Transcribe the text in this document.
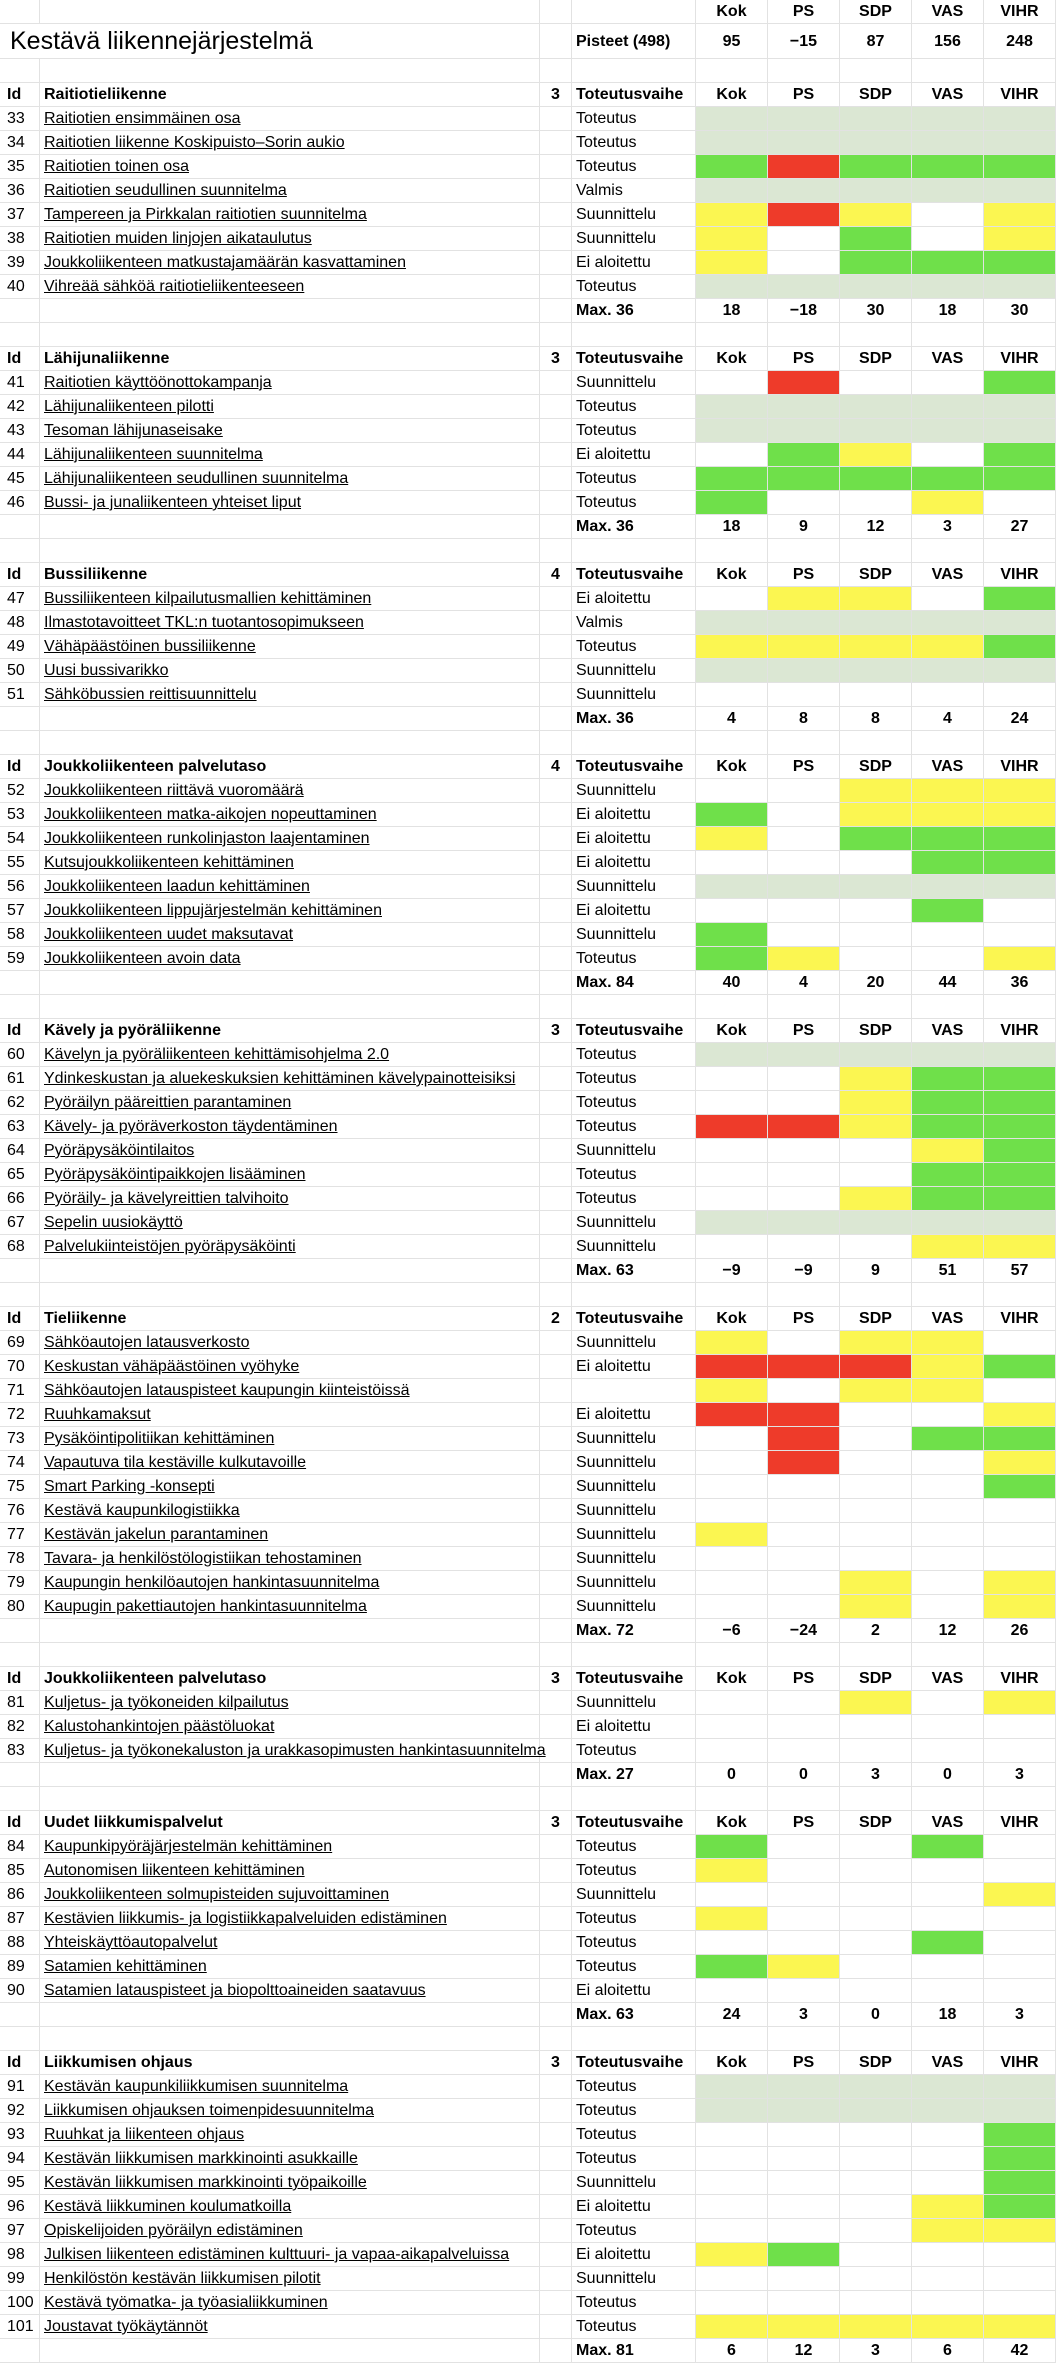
Kok	PS	SDP	VAS	VIHR
Kestävä liikennejärjestelmä	Pisteet (498)	95	−15	87	156	248
Id	Raitiotieliikenne	3	Toteutusvaihe	Kok	PS	SDP	VAS	VIHR
33	Raitiotien ensimmäinen osa	Toteutus
34	Raitiotien liikenne Koskipuisto–Sorin aukio	Toteutus
35	Raitiotien toinen osa	Toteutus
36	Raitiotien seudullinen suunnitelma	Valmis
37	Tampereen ja Pirkkalan raitiotien suunnitelma	Suunnittelu
38	Raitiotien muiden linjojen aikataulutus	Suunnittelu
39	Joukkoliikenteen matkustajamäärän kasvattaminen	Ei aloitettu
40	Vihreää sähköä raitiotieliikenteeseen	Toteutus
Max. 36	18	−18	30	18	30
Id	Lähijunaliikenne	3	Toteutusvaihe	Kok	PS	SDP	VAS	VIHR
41	Raitiotien käyttöönottokampanja	Suunnittelu
42	Lähijunaliikenteen pilotti	Toteutus
43	Tesoman lähijunaseisake	Toteutus
44	Lähijunaliikenteen suunnitelma	Ei aloitettu
45	Lähijunaliikenteen seudullinen suunnitelma	Toteutus
46	Bussi- ja junaliikenteen yhteiset liput	Toteutus
Max. 36	18	9	12	3	27
Id	Bussiliikenne	4	Toteutusvaihe	Kok	PS	SDP	VAS	VIHR
47	Bussiliikenteen kilpailutusmallien kehittäminen	Ei aloitettu
48	Ilmastotavoitteet TKL:n tuotantosopimukseen	Valmis
49	Vähäpäästöinen bussiliikenne	Toteutus
50	Uusi bussivarikko	Suunnittelu
51	Sähköbussien reittisuunnittelu	Suunnittelu
Max. 36	4	8	8	4	24
Id	Joukkoliikenteen palvelutaso	4	Toteutusvaihe	Kok	PS	SDP	VAS	VIHR
52	Joukkoliikenteen riittävä vuoromäärä	Suunnittelu
53	Joukkoliikenteen matka-aikojen nopeuttaminen	Ei aloitettu
54	Joukkoliikenteen runkolinjaston laajentaminen	Ei aloitettu
55	Kutsujoukkoliikenteen kehittäminen	Ei aloitettu
56	Joukkoliikenteen laadun kehittäminen	Suunnittelu
57	Joukkoliikenteen lippujärjestelmän kehittäminen	Ei aloitettu
58	Joukkoliikenteen uudet maksutavat	Suunnittelu
59	Joukkoliikenteen avoin data	Toteutus
Max. 84	40	4	20	44	36
Id	Kävely ja pyöräliikenne	3	Toteutusvaihe	Kok	PS	SDP	VAS	VIHR
60	Kävelyn ja pyöräliikenteen kehittämisohjelma 2.0	Toteutus
61	Ydinkeskustan ja aluekeskuksien kehittäminen kävelypainotteisiksi	Toteutus
62	Pyöräilyn pääreittien parantaminen	Toteutus
63	Kävely- ja pyöräverkoston täydentäminen	Toteutus
64	Pyöräpysäköintilaitos	Suunnittelu
65	Pyöräpysäköintipaikkojen lisääminen	Toteutus
66	Pyöräily- ja kävelyreittien talvihoito	Toteutus
67	Sepelin uusiokäyttö	Suunnittelu
68	Palvelukiinteistöjen pyöräpysäköinti	Suunnittelu
Max. 63	−9	−9	9	51	57
Id	Tieliikenne	2	Toteutusvaihe	Kok	PS	SDP	VAS	VIHR
69	Sähköautojen latausverkosto	Suunnittelu
70	Keskustan vähäpäästöinen vyöhyke	Ei aloitettu
71	Sähköautojen latauspisteet kaupungin kiinteistöissä
72	Ruuhkamaksut	Ei aloitettu
73	Pysäköintipolitiikan kehittäminen	Suunnittelu
74	Vapautuva tila kestäville kulkutavoille	Suunnittelu
75	Smart Parking -konsepti	Suunnittelu
76	Kestävä kaupunkilogistiikka	Suunnittelu
77	Kestävän jakelun parantaminen	Suunnittelu
78	Tavara- ja henkilöstölogistiikan tehostaminen	Suunnittelu
79	Kaupungin henkilöautojen hankintasuunnitelma	Suunnittelu
80	Kaupugin pakettiautojen hankintasuunnitelma	Suunnittelu
Max. 72	−6	−24	2	12	26
Id	Joukkoliikenteen palvelutaso	3	Toteutusvaihe	Kok	PS	SDP	VAS	VIHR
81	Kuljetus- ja työkoneiden kilpailutus	Suunnittelu
82	Kalustohankintojen päästöluokat	Ei aloitettu
83	Kuljetus- ja työkonekaluston ja urakkasopimusten hankintasuunnitelma Toteutus
Max. 27	0	0	3	0	3
Id	Uudet liikkumispalvelut	3	Toteutusvaihe	Kok	PS	SDP	VAS	VIHR
84	Kaupunkipyöräjärjestelmän kehittäminen	Toteutus
85	Autonomisen liikenteen kehittäminen	Toteutus
86	Joukkoliikenteen solmupisteiden sujuvoittaminen	Suunnittelu
87	Kestävien liikkumis- ja logistiikkapalveluiden edistäminen	Toteutus
88	Yhteiskäyttöautopalvelut	Toteutus
89	Satamien kehittäminen	Toteutus
90	Satamien latauspisteet ja biopolttoaineiden saatavuus	Ei aloitettu
Max. 63	24	3	0	18	3
Id	Liikkumisen ohjaus	3	Toteutusvaihe	Kok	PS	SDP	VAS	VIHR
91	Kestävän kaupunkiliikkumisen suunnitelma	Toteutus
92	Liikkumisen ohjauksen toimenpidesuunnitelma	Toteutus
93	Ruuhkat ja liikenteen ohjaus	Toteutus
94	Kestävän liikkumisen markkinointi asukkaille	Toteutus
95	Kestävän liikkumisen markkinointi työpaikoille	Suunnittelu
96	Kestävä liikkuminen koulumatkoilla	Ei aloitettu
97	Opiskelijoiden pyöräilyn edistäminen	Toteutus
98	Julkisen liikenteen edistäminen kulttuuri- ja vapaa-aikapalveluissa	Ei aloitettu
99	Henkilöstön kestävän liikkumisen pilotit	Suunnittelu
100 Kestävä työmatka- ja työasialiikkuminen	Toteutus
101 Joustavat työkäytännöt	Toteutus
Max. 81	6	12	3	6	42
